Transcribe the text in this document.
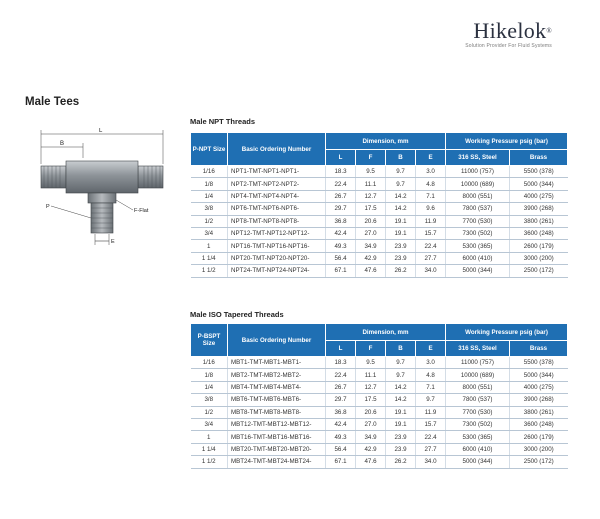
Hikelok®
Solution Provider For Fluid Systems
Male Tees
L
B
E
P
F-Flat
Male NPT Threads
P-NPT Size	Basic Ordering Number	Dimension, mm				Working Pressure psig (bar)	
		L	F	B	E	316 SS, Steel	Brass
1/16	NPT1-TMT-NPT1-NPT1-	18.3	9.5	9.7	3.0	11000 (757)	5500 (378)
1/8	NPT2-TMT-NPT2-NPT2-	22.4	11.1	9.7	4.8	10000 (689)	5000 (344)
1/4	NPT4-TMT-NPT4-NPT4-	26.7	12.7	14.2	7.1	8000 (551)	4000 (275)
3/8	NPT6-TMT-NPT6-NPT6-	29.7	17.5	14.2	9.6	7800 (537)	3900 (268)
1/2	NPT8-TMT-NPT8-NPT8-	36.8	20.6	19.1	11.9	7700 (530)	3800 (261)
3/4	NPT12-TMT-NPT12-NPT12-	42.4	27.0	19.1	15.7	7300 (502)	3600 (248)
1	NPT16-TMT-NPT16-NPT16-	49.3	34.9	23.9	22.4	5300 (365)	2600 (179)
1 1/4	NPT20-TMT-NPT20-NPT20-	56.4	42.9	23.9	27.7	6000 (410)	3000 (200)
1 1/2	NPT24-TMT-NPT24-NPT24-	67.1	47.6	26.2	34.0	5000 (344)	2500 (172)
Male ISO Tapered Threads
P-BSPT Size	Basic Ordering Number	Dimension, mm				Working Pressure psig (bar)	
		L	F	B	E	316 SS, Steel	Brass
1/16	MBT1-TMT-MBT1-MBT1-	18.3	9.5	9.7	3.0	11000 (757)	5500 (378)
1/8	MBT2-TMT-MBT2-MBT2-	22.4	11.1	9.7	4.8	10000 (689)	5000 (344)
1/4	MBT4-TMT-MBT4-MBT4-	26.7	12.7	14.2	7.1	8000 (551)	4000 (275)
3/8	MBT6-TMT-MBT6-MBT6-	29.7	17.5	14.2	9.7	7800 (537)	3900 (268)
1/2	MBT8-TMT-MBT8-MBT8-	36.8	20.6	19.1	11.9	7700 (530)	3800 (261)
3/4	MBT12-TMT-MBT12-MBT12-	42.4	27.0	19.1	15.7	7300 (502)	3600 (248)
1	MBT16-TMT-MBT16-MBT16-	49.3	34.9	23.9	22.4	5300 (365)	2600 (179)
1 1/4	MBT20-TMT-MBT20-MBT20-	56.4	42.9	23.9	27.7	6000 (410)	3000 (200)
1 1/2	MBT24-TMT-MBT24-MBT24-	67.1	47.6	26.2	34.0	5000 (344)	2500 (172)
